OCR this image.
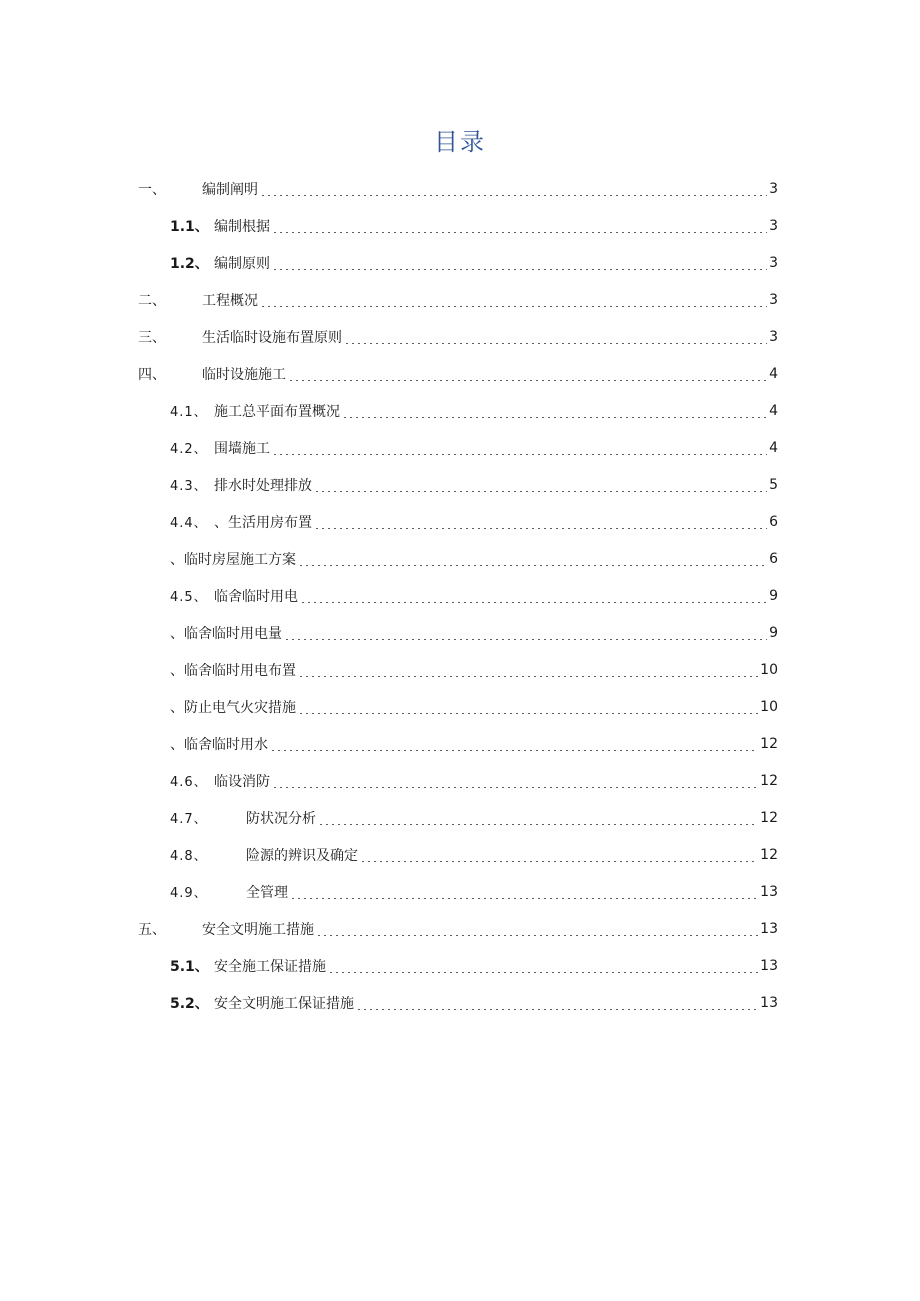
目录
一、	编制阐明	3
1.1、 编制根据	3
1.2、 编制原则	3
二、	工程概况	3
三、	生活临时设施布置原则	3
四、	临时设施施工	4
4.1、 施工总平面布置概况	4
4.2、 围墙施工	4
4.3、 排水时处理排放	5
4.4、 、生活用房布置	6
、临时房屋施工方案	6
4.5、 临舍临时用电	9
、临舍临时用电量	9
、临舍临时用电布置	10
、防止电气火灾措施	10
、临舍临时用水	12
4.6、 临设消防	12
4.7、	防状况分析	12
4.8、	险源的辨识及确定	12
4.9、	全管理	13
五、	安全文明施工措施	13
5.1、 安全施工保证措施	13
5.2、 安全文明施工保证措施	13
